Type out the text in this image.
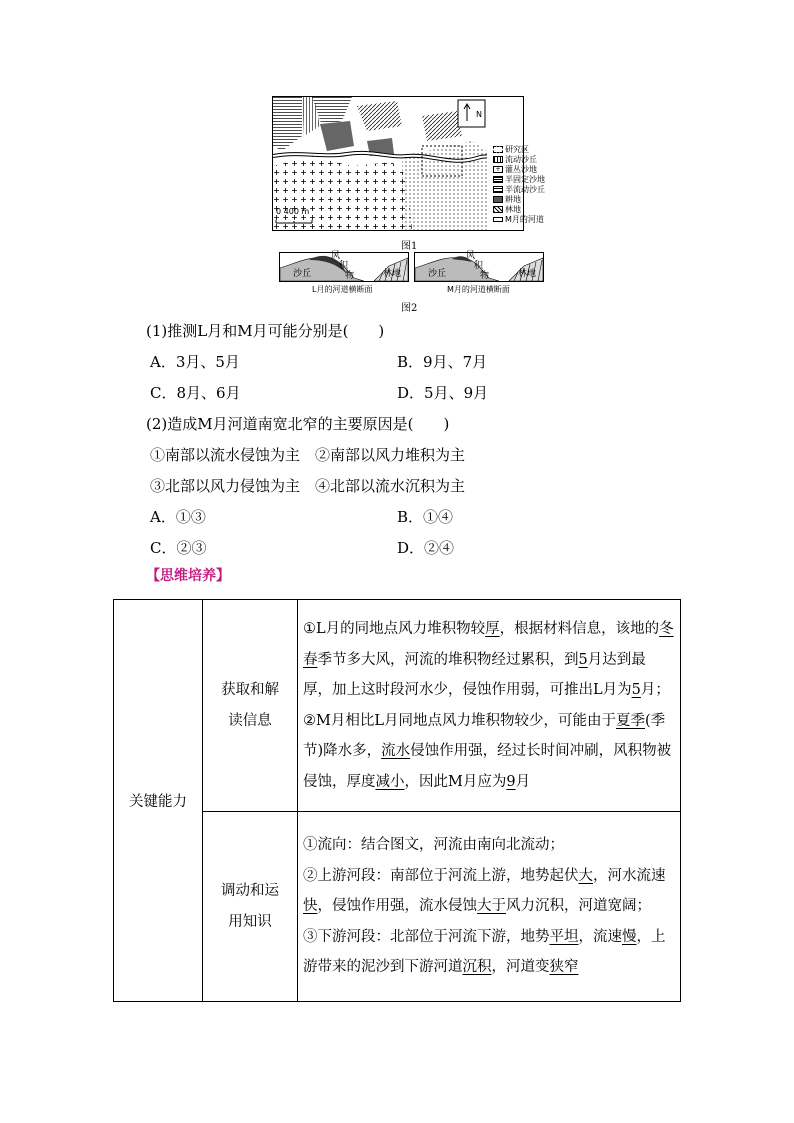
N
0 400 m
研究区
流动沙丘
+ 灌丛沙地
半固定沙地
半流动沙丘
耕地
林地
M月的河道
图1
沙丘
风
积
物	林地
L月的河道横断面
沙丘
风
积
物	林地
M月的河道横断面
图2
(1)推测L月和M月可能分别是(　　)
A．3月、5月	B．9月、7月
C．8月、6月	D．5月、9月
(2)造成M月河道南宽北窄的主要原因是(　　)
①南部以流水侵蚀为主　②南部以风力堆积为主
③北部以风力侵蚀为主　④北部以流水沉积为主
A．①③	B．①④
C．②③	D．②④
【思维培养】
关键能力	获取和解
读信息	①L月的同地点风力堆积物较厚，根据材料信息，该地的冬春季节多大风，河流的堆积物经过累积，到5月达到最厚，加上这时段河水少，侵蚀作用弱，可推出L月为5月；
②M月相比L月同地点风力堆积物较少，可能由于夏季(季节)降水多，流水侵蚀作用强，经过长时间冲刷，风积物被侵蚀，厚度减小，因此M月应为9月
	调动和运
用知识	①流向：结合图文，河流由南向北流动；
②上游河段：南部位于河流上游，地势起伏大，河水流速快，侵蚀作用强，流水侵蚀大于风力沉积，河道宽阔；
③下游河段：北部位于河流下游，地势平坦，流速慢，上游带来的泥沙到下游河道沉积，河道变狭窄
